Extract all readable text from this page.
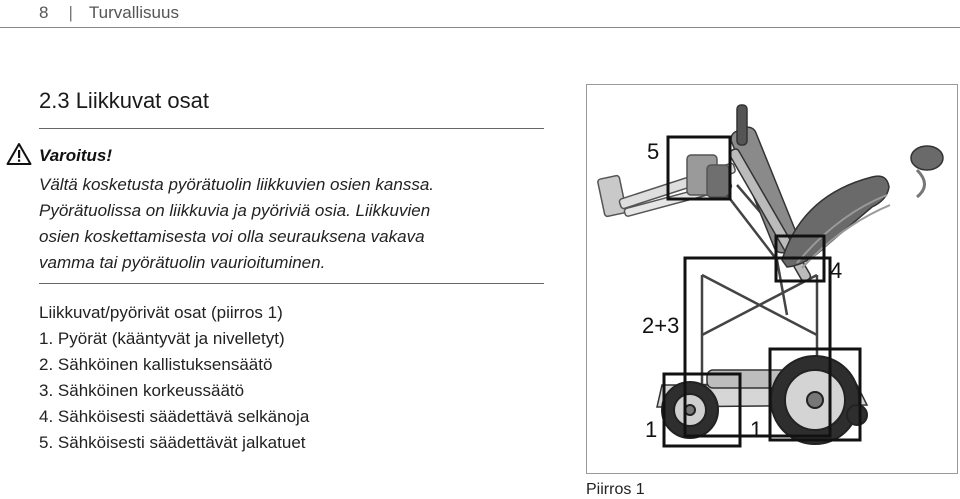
8 | Turvallisuus
2.3 Liikkuvat osat
Varoitus!
Vältä kosketusta pyörätuolin liikkuvien osien kanssa.
Pyörätuolissa on liikkuvia ja pyöriviä osia. Liikkuvien
osien koskettamisesta voi olla seurauksena vakava
vamma tai pyörätuolin vaurioituminen.
Liikkuvat/pyörivät osat (piirros 1)
1. Pyörät (kääntyvät ja nivelletyt)
2. Sähköinen kallistuksensäätö
3. Sähköinen korkeussäätö
4. Sähköisesti säädettävä selkänoja
5. Sähköisesti säädettävät jalkatuet
5
4
2+3
1	1
Piirros 1
